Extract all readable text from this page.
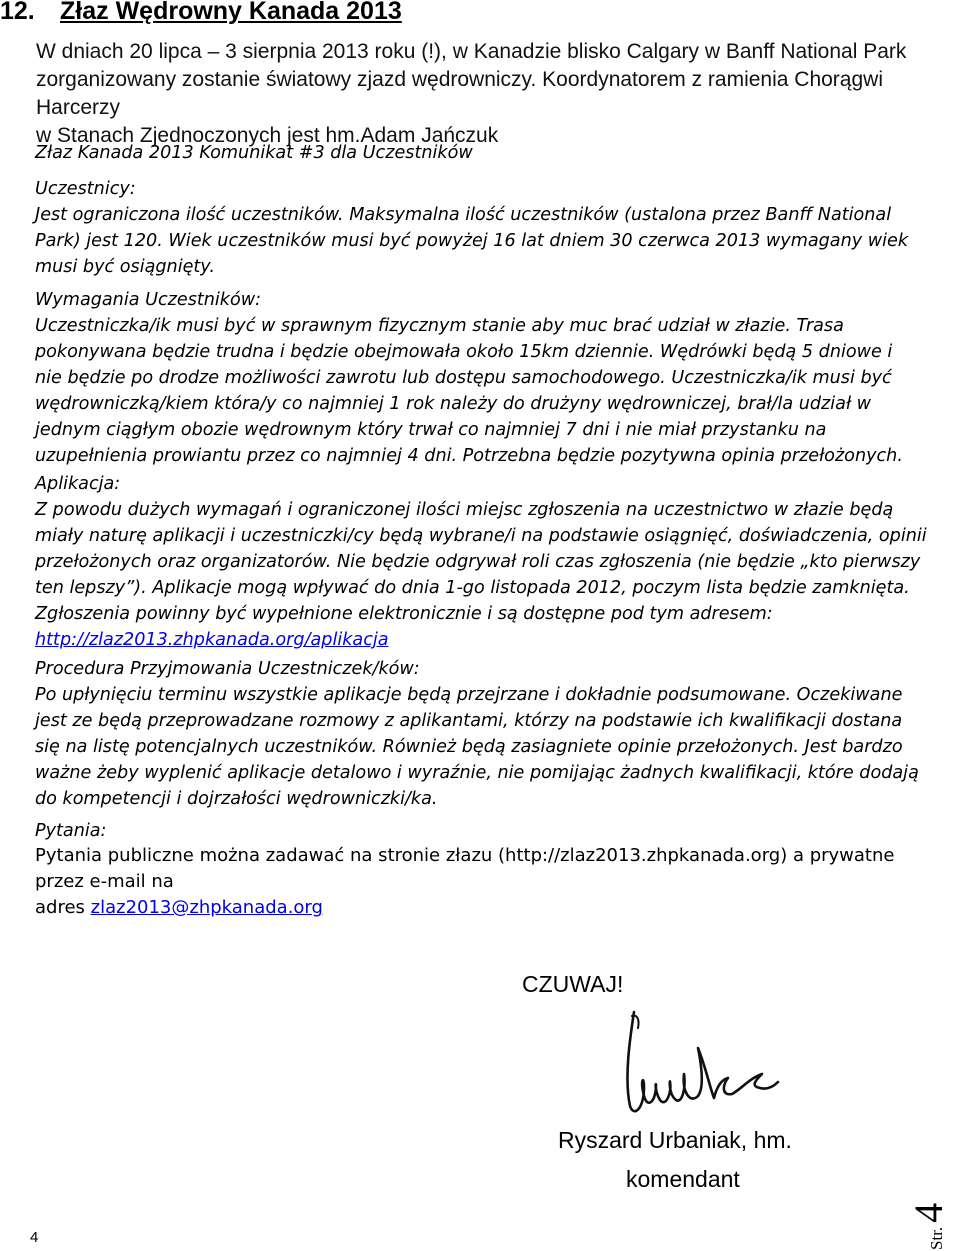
12. Złaz Wędrowny Kanada 2013
W dniach 20 lipca – 3 sierpnia 2013 roku (!), w Kanadzie blisko Calgary w Banff National Park
zorganizowany zostanie światowy zjazd wędrowniczy. Koordynatorem z ramienia Chorągwi Harcerzy
w Stanach Zjednoczonych jest hm.Adam Jańczuk
Złaz Kanada 2013 Komunikat #3 dla Uczestników
Uczestnicy:
Jest ograniczona ilość uczestników. Maksymalna ilość uczestników (ustalona przez Banff National
Park) jest 120. Wiek uczestników musi być powyżej 16 lat dniem 30 czerwca 2013 wymagany wiek
musi być osiągnięty.
Wymagania Uczestników:
Uczestniczka/ik musi być w sprawnym fizycznym stanie aby muc brać udział w złazie. Trasa
pokonywana będzie trudna i będzie obejmowała około 15km dziennie. Wędrówki będą 5 dniowe i
nie będzie po drodze możliwości zawrotu lub dostępu samochodowego. Uczestniczka/ik musi być
wędrowniczką/kiem która/y co najmniej 1 rok należy do drużyny wędrowniczej, brał/la udział w
jednym ciągłym obozie wędrownym który trwał co najmniej 7 dni i nie miał przystanku na
uzupełnienia prowiantu przez co najmniej 4 dni. Potrzebna będzie pozytywna opinia przełożonych.
Aplikacja:
Z powodu dużych wymagań i ograniczonej ilości miejsc zgłoszenia na uczestnictwo w złazie będą
miały naturę aplikacji i uczestniczki/cy będą wybrane/i na podstawie osiągnięć, doświadczenia, opinii
przełożonych oraz organizatorów. Nie będzie odgrywał roli czas zgłoszenia (nie będzie „kto pierwszy
ten lepszy”). Aplikacje mogą wpływać do dnia 1-go listopada 2012, poczym lista będzie zamknięta.
Zgłoszenia powinny być wypełnione elektronicznie i są dostępne pod tym adresem:
http://zlaz2013.zhpkanada.org/aplikacja
Procedura Przyjmowania Uczestniczek/ków:
Po upłynięciu terminu wszystkie aplikacje będą przejrzane i dokładnie podsumowane. Oczekiwane
jest ze będą przeprowadzane rozmowy z aplikantami, którzy na podstawie ich kwalifikacji dostana
się na listę potencjalnych uczestników. Również będą zasiagniete opinie przełożonych. Jest bardzo
ważne żeby wyplenić aplikacje detalowo i wyraźnie, nie pomijając żadnych kwalifikacji, które dodają
do kompetencji i dojrzałości wędrowniczki/ka.
Pytania:
Pytania publiczne można zadawać na stronie złazu (http://zlaz2013.zhpkanada.org) a prywatne
przez e-mail na
adres zlaz2013@zhpkanada.org
CZUWAJ!
Ryszard Urbaniak, hm.
komendant
4	Str. 4
